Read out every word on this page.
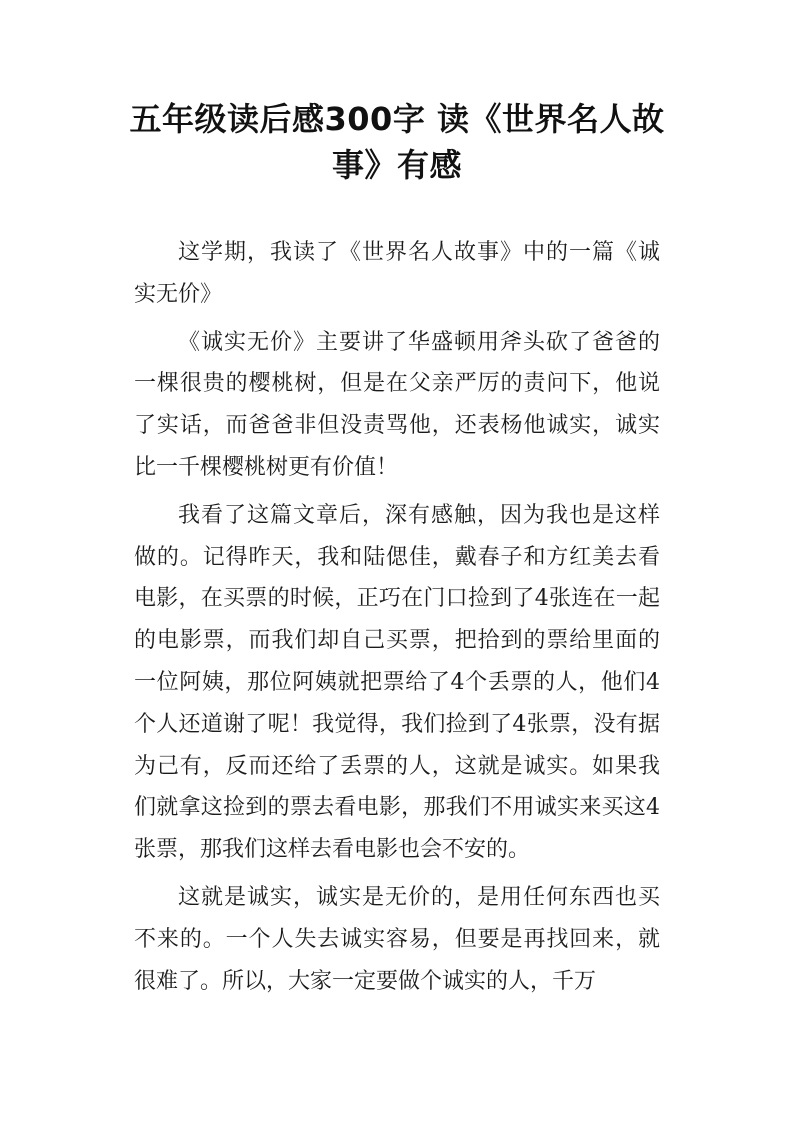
五年级读后感300字 读《世界名人故
事》有感

这学期，我读了《世界名人故事》中的一篇《诚实无价》

《诚实无价》主要讲了华盛顿用斧头砍了爸爸的一棵很贵的樱桃树，但是在父亲严厉的责问下，他说了实话，而爸爸非但没责骂他，还表杨他诚实，诚实比一千棵樱桃树更有价值！

我看了这篇文章后，深有感触，因为我也是这样做的。记得昨天，我和陆偲佳，戴春子和方红美去看电影，在买票的时候，正巧在门口捡到了4张连在一起的电影票，而我们却自己买票，把拾到的票给里面的一位阿姨，那位阿姨就把票给了4个丢票的人，他们4个人还道谢了呢！我觉得，我们捡到了4张票，没有据为己有，反而还给了丢票的人，这就是诚实。如果我们就拿这捡到的票去看电影，那我们不用诚实来买这4张票，那我们这样去看电影也会不安的。

这就是诚实，诚实是无价的，是用任何东西也买不来的。一个人失去诚实容易，但要是再找回来，就很难了。所以，大家一定要做个诚实的人，千万
